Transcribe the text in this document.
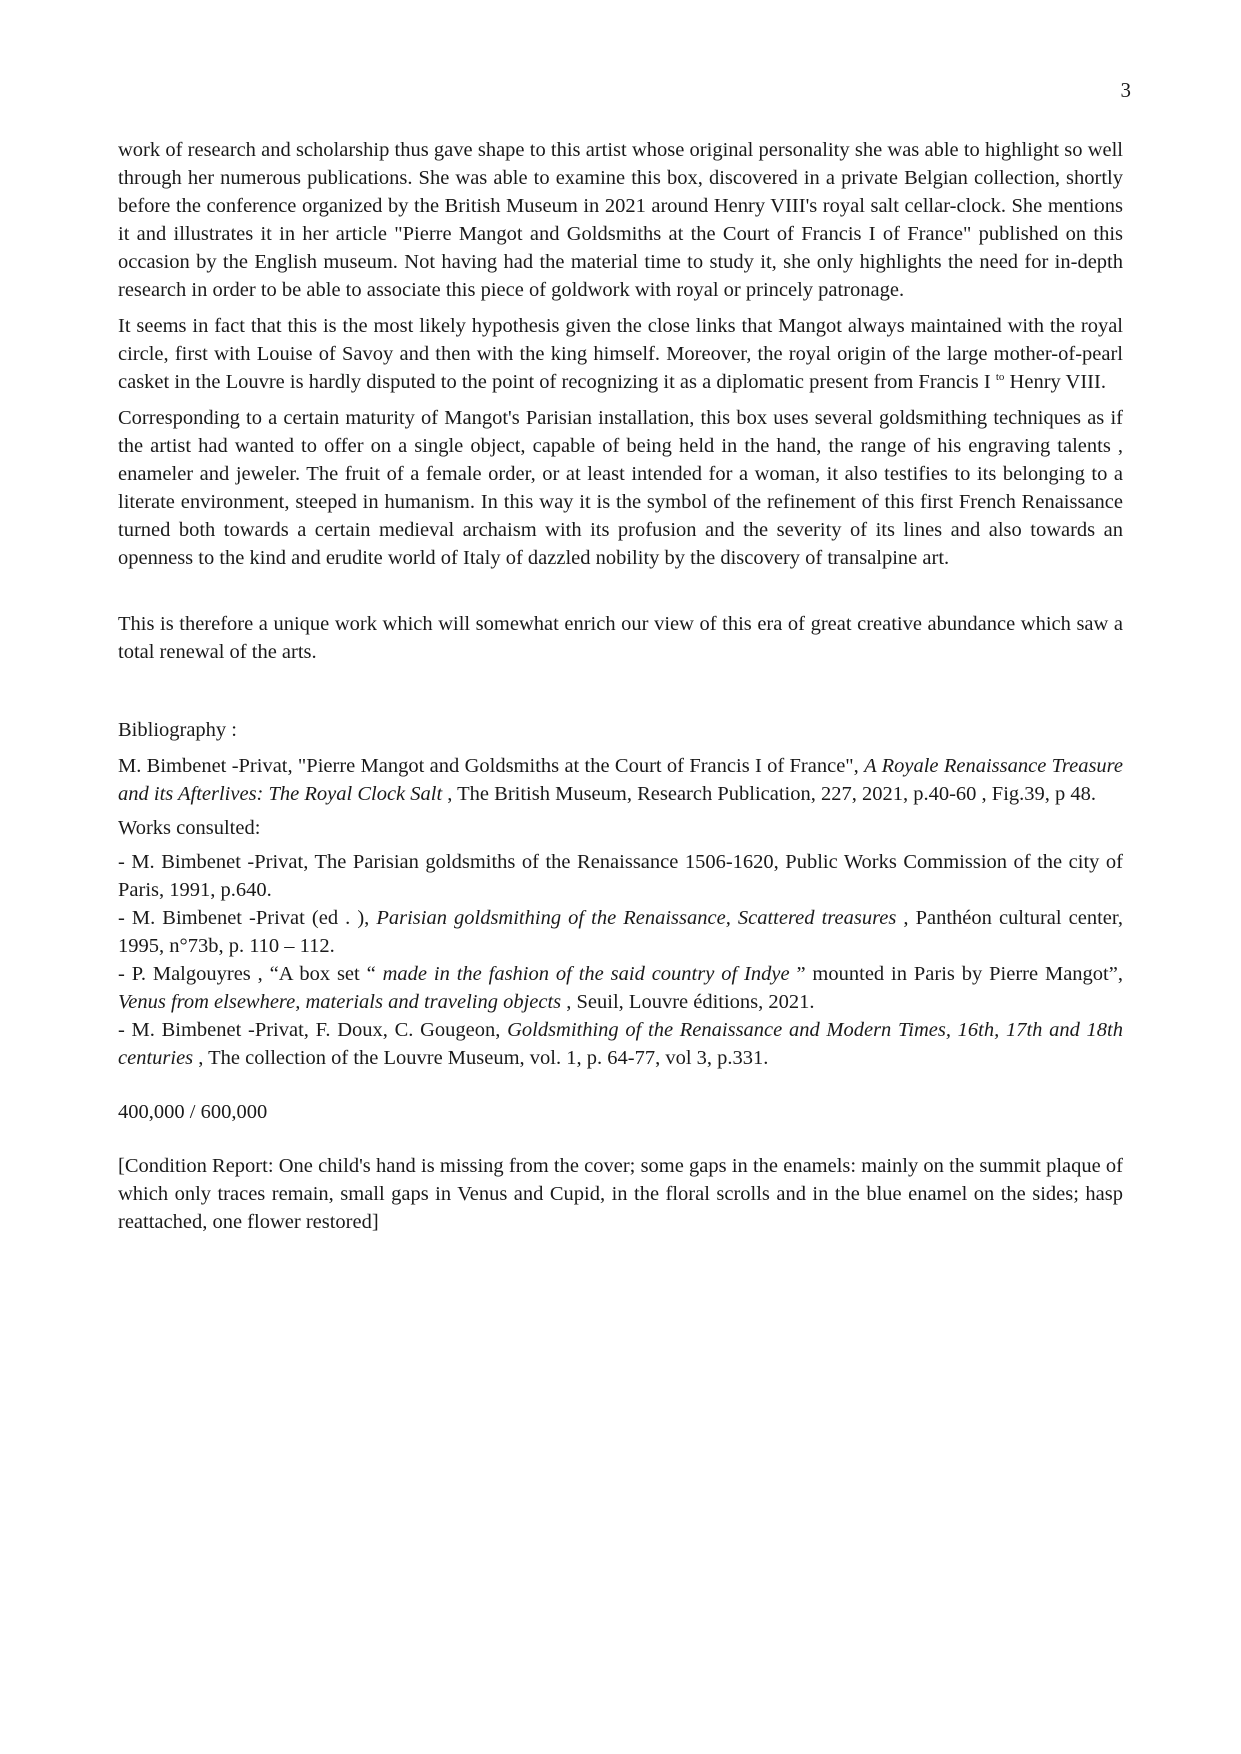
3

work of research and scholarship thus gave shape to this artist whose original personality she was able to highlight so well through her numerous publications. She was able to examine this box, discovered in a private Belgian collection, shortly before the conference organized by the British Museum in 2021 around Henry VIII's royal salt cellar-clock. She mentions it and illustrates it in her article "Pierre Mangot and Goldsmiths at the Court of Francis I of France" published on this occasion by the English museum. Not having had the material time to study it, she only highlights the need for in-depth research in order to be able to associate this piece of goldwork with royal or princely patronage.

It seems in fact that this is the most likely hypothesis given the close links that Mangot always maintained with the royal circle, first with Louise of Savoy and then with the king himself. Moreover, the royal origin of the large mother-of-pearl casket in the Louvre is hardly disputed to the point of recognizing it as a diplomatic present from Francis I $^{to}$ Henry VIII.

Corresponding to a certain maturity of Mangot's Parisian installation, this box uses several goldsmithing techniques as if the artist had wanted to offer on a single object, capable of being held in the hand, the range of his engraving talents , enameler and jeweler. The fruit of a female order, or at least intended for a woman, it also testifies to its belonging to a literate environment, steeped in humanism. In this way it is the symbol of the refinement of this first French Renaissance turned both towards a certain medieval archaism with its profusion and the severity of its lines and also towards an openness to the kind and erudite world of Italy of dazzled nobility by the discovery of transalpine art.

This is therefore a unique work which will somewhat enrich our view of this era of great creative abundance which saw a total renewal of the arts.

Bibliography :

M. Bimbenet -Privat, "Pierre Mangot and Goldsmiths at the Court of Francis I of France", A Royale Renaissance Treasure and its Afterlives: The Royal Clock Salt , The British Museum, Research Publication, 227, 2021, p.40-60 , Fig.39, p 48.

Works consulted:

- M. Bimbenet -Privat, The Parisian goldsmiths of the Renaissance 1506-1620, Public Works Commission of the city of Paris, 1991, p.640.

- M. Bimbenet -Privat (ed . ), Parisian goldsmithing of the Renaissance, Scattered treasures , Panthéon cultural center, 1995, n°73b, p. 110 – 112.

- P. Malgouyres , “A box set “ made in the fashion of the said country of Indye ” mounted in Paris by Pierre Mangot”, Venus from elsewhere, materials and traveling objects , Seuil, Louvre éditions, 2021.

- M. Bimbenet -Privat, F. Doux, C. Gougeon, Goldsmithing of the Renaissance and Modern Times, 16th, 17th and 18th centuries , The collection of the Louvre Museum, vol. 1, p. 64-77, vol 3, p.331.

400,000 / 600,000

[Condition Report: One child's hand is missing from the cover; some gaps in the enamels: mainly on the summit plaque of which only traces remain, small gaps in Venus and Cupid, in the floral scrolls and in the blue enamel on the sides; hasp reattached, one flower restored]
